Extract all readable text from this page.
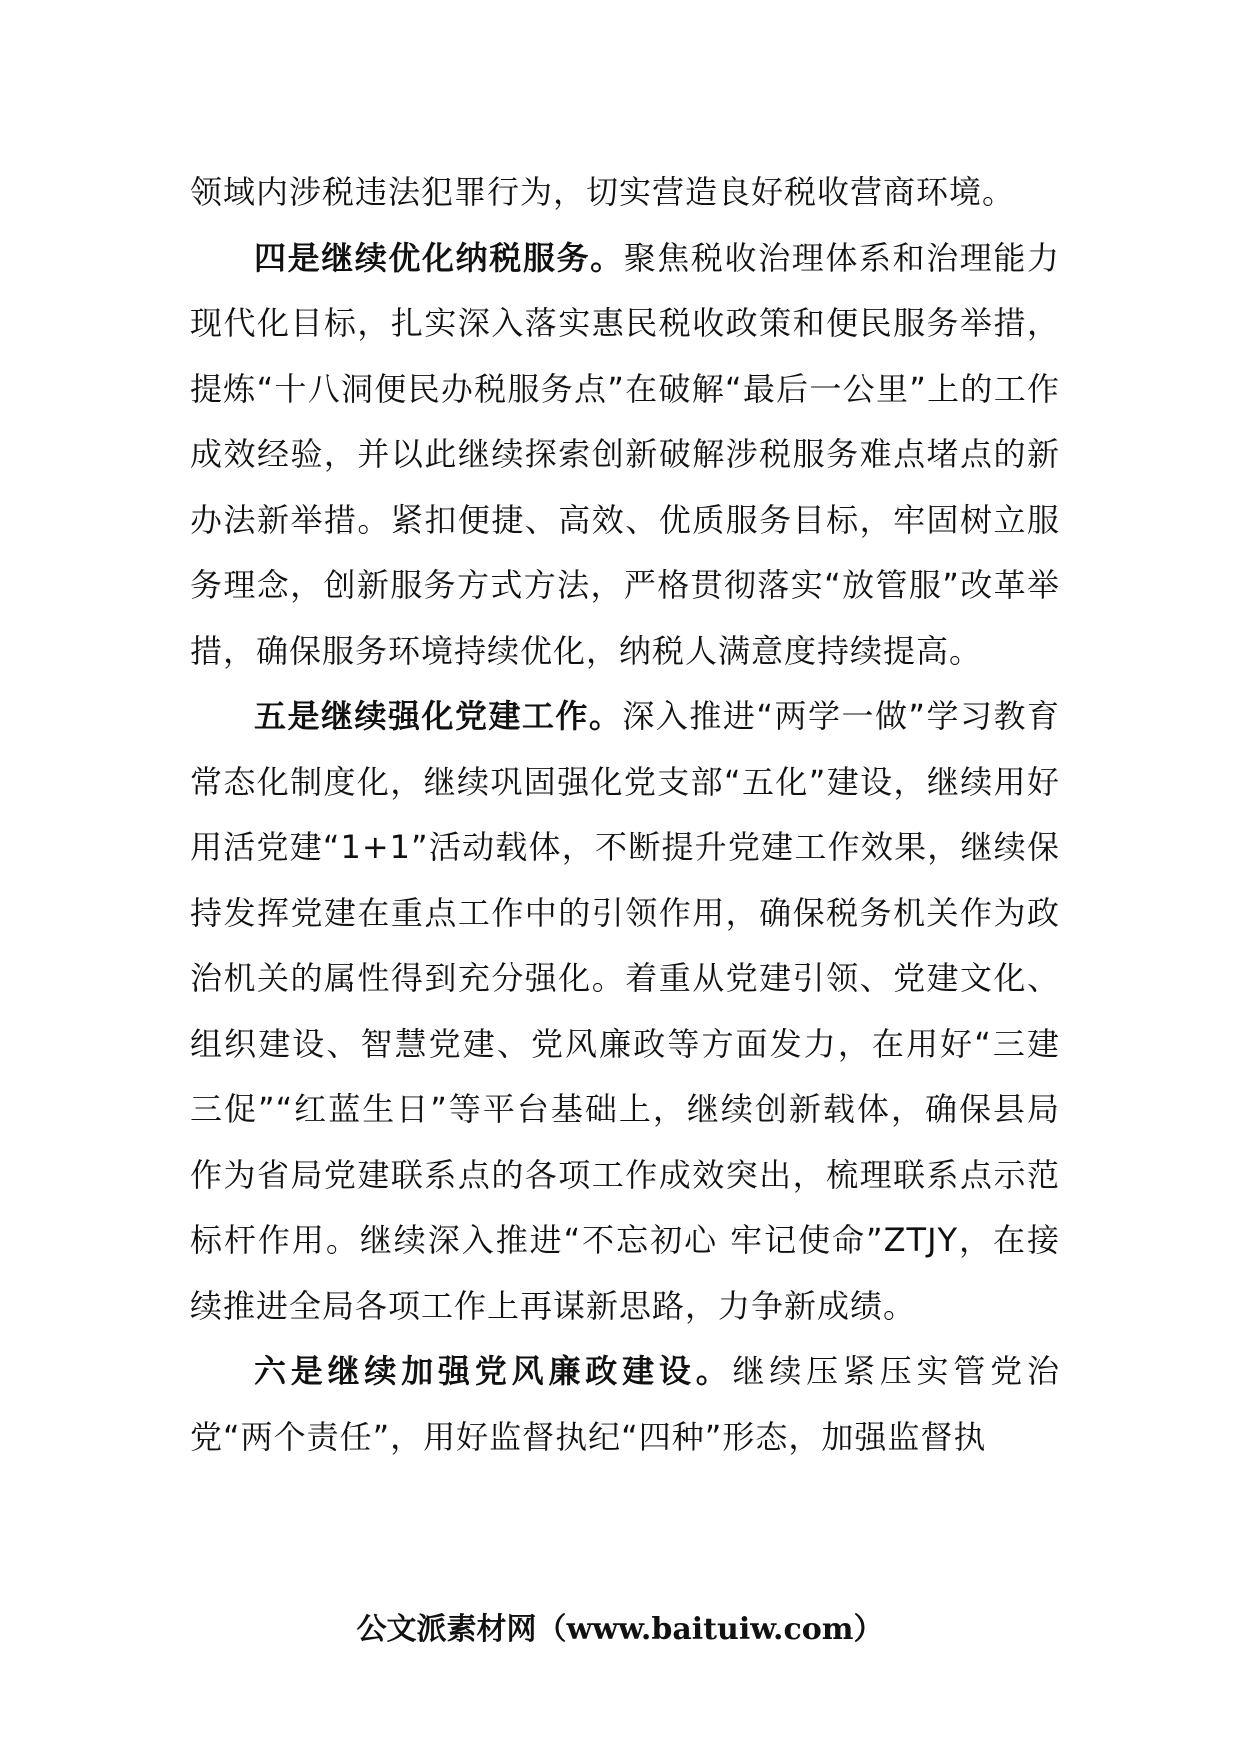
领域内涉税违法犯罪行为，切实营造良好税收营商环境。

四是继续优化纳税服务。聚焦税收治理体系和治理能力现代化目标，扎实深入落实惠民税收政策和便民服务举措，提炼“十八洞便民办税服务点”在破解“最后一公里”上的工作成效经验，并以此继续探索创新破解涉税服务难点堵点的新办法新举措。紧扣便捷、高效、优质服务目标，牢固树立服务理念，创新服务方式方法，严格贯彻落实“放管服”改革举措，确保服务环境持续优化，纳税人满意度持续提高。

五是继续强化党建工作。深入推进“两学一做”学习教育常态化制度化，继续巩固强化党支部“五化”建设，继续用好用活党建“1+1”活动载体，不断提升党建工作效果，继续保持发挥党建在重点工作中的引领作用，确保税务机关作为政治机关的属性得到充分强化。着重从党建引领、党建文化、组织建设、智慧党建、党风廉政等方面发力，在用好“三建三促”“红蓝生日”等平台基础上，继续创新载体，确保县局作为省局党建联系点的各项工作成效突出，梳理联系点示范标杆作用。继续深入推进“不忘初心 牢记使命”ZTJY，在接续推进全局各项工作上再谋新思路，力争新成绩。

六是继续加强党风廉政建设。继续压紧压实管党治党“两个责任”，用好监督执纪“四种”形态，加强监督执

公文派素材网（www.baituiw.com）
